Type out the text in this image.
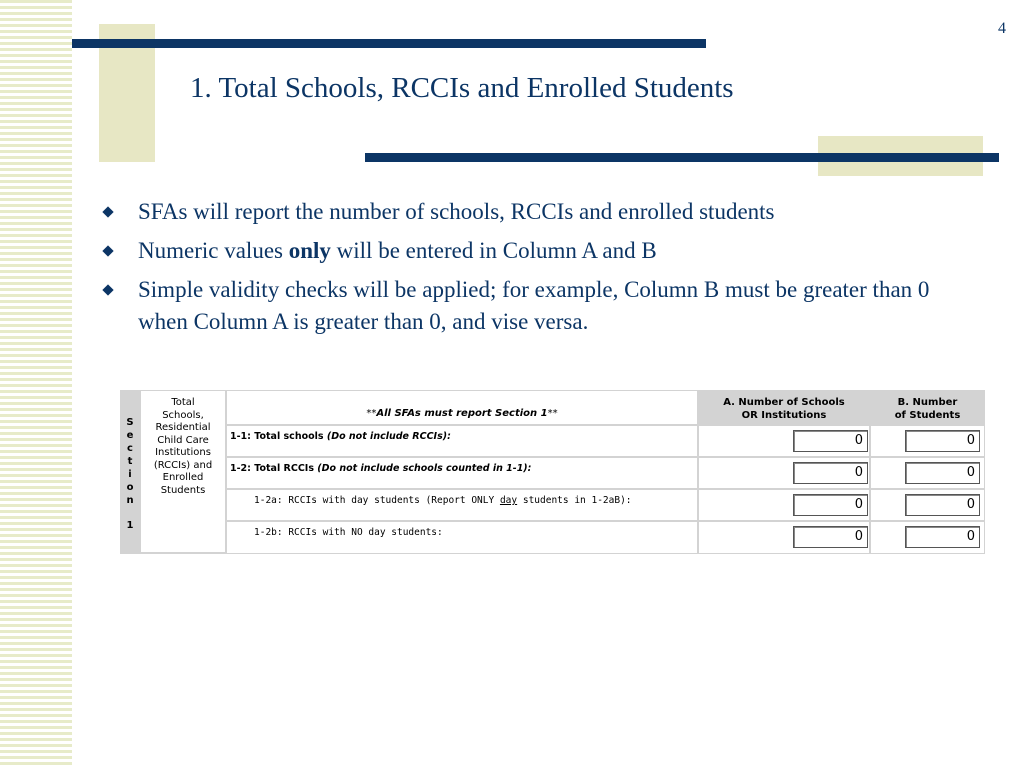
4
1. Total Schools, RCCIs and Enrolled Students
SFAs will report the number of schools, RCCIs and enrolled students
Numeric values only will be entered in Column A and B
Simple validity checks will be applied; for example, Column B must be greater than 0 when Column A is greater than 0, and vise versa.
S
e
c
t
i
o
n
1
Total
Schools,
Residential
Child Care
Institutions
(RCCIs) and
Enrolled
Students
**All SFAs must report Section 1**
A. Number of Schools
OR Institutions
B. Number
of Students
1-1: Total schools (Do not include RCCIs):	0	0
1-2: Total RCCIs (Do not include schools counted in 1-1):	0	0
1-2a: RCCIs with day students (Report ONLY day students in 1-2aB):	0	0
1-2b: RCCIs with NO day students:	0	0
